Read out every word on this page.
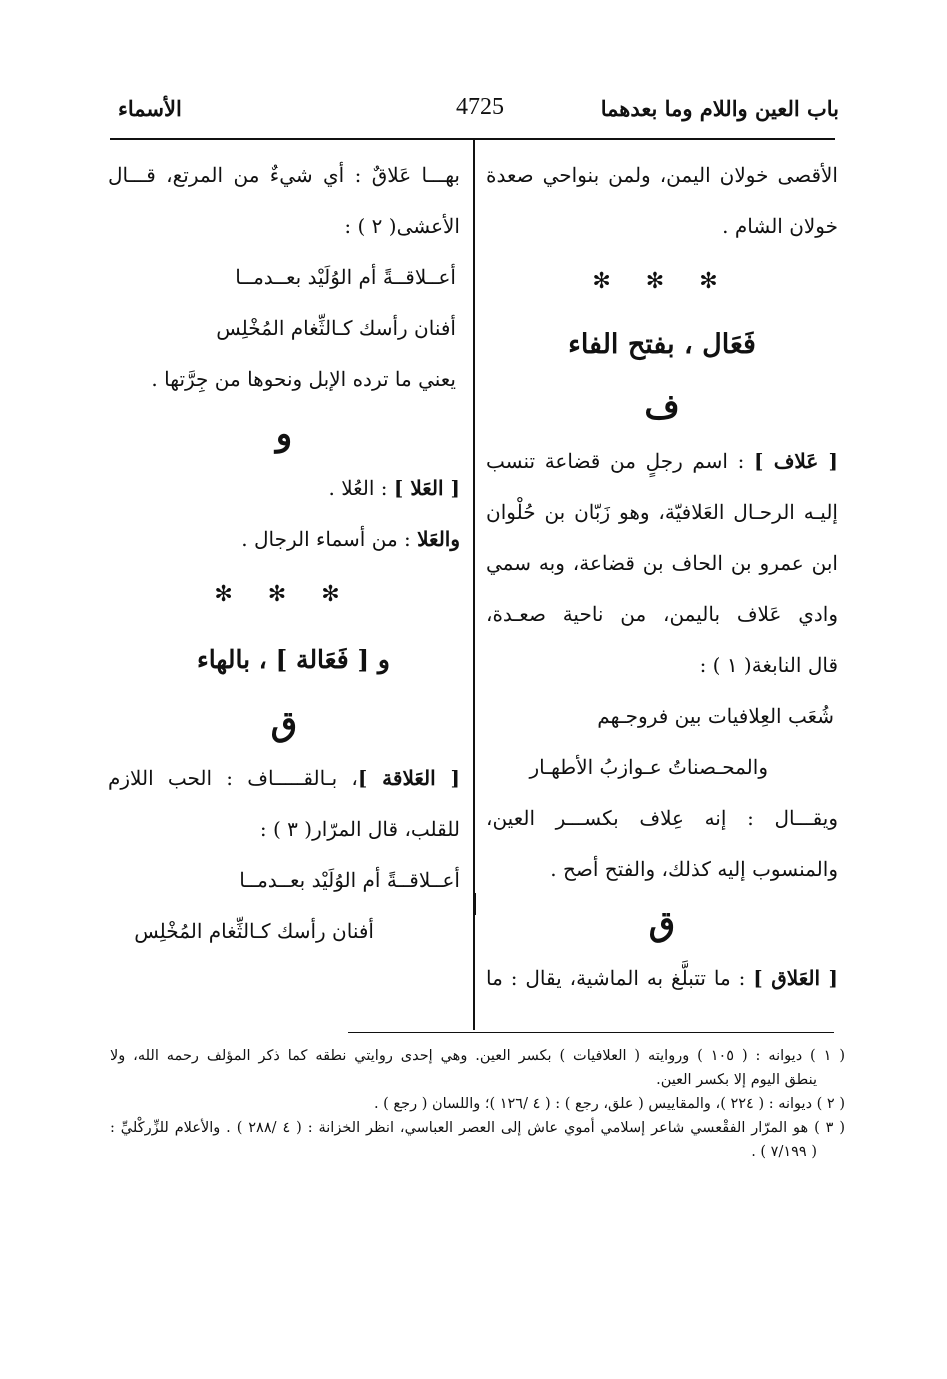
باب العين واللام وما بعدهما
4725
الأسماء
الأقصى خولان اليمن، ولمن بنواحي صعدة
خولان الشام .
✻ ✻ ✻
فَعَال ، بفتح الفاء
ف
[ عَلاف ] : اسم رجلٍ من قضاعة تنسب
إليـه الرحـال العَلافيّة، وهو زَبّان بن حُلْوان
ابن عمرو بن الحاف بن قضاعة، وبه سمي
وادي عَلاف باليمن، من ناحية صعـدة،
قال النابغة( ١ ) :
شُعَب العِلافيات بين فروجـهم
والمحـصناتُ عـوازبُ الأطهـار
ويقـــال : إنه عِلاف بكســـر العين،
والمنسوب إليه كذلك، والفتح أصح .
ق
[ العَلاق ] : ما تتبلَّغ به الماشية، يقال : ما
بهـــا عَلاقٌ : أي شيءٌ من المرتع، قـــال
الأعشى( ٢ ) :
أعــلاقــةً أم الوُلَيْد بعــدمــا
أفنان رأسك كـالثِّغام المُخْلِس
يعني ما ترده الإبل ونحوها من جِرَّتها .
و
[ العَلا ] : العُلا .
والعَلا : من أسماء الرجال .
✻ ✻ ✻
و [ فَعَالة ] ، بالهاء
ق
[ العَلاقة ]، بـالقـــــاف : الحب اللازم
للقلب، قال المرّار( ٣ ) :
أعــلاقــةً أم الوُلَيْد بعــدمــا
أفنان رأسك كـالثِّغام المُخْلِس
( ١ ) ديوانه : ( ١٠٥ ) وروايته ( العلافيات ) بكسر العين. وهي إحدى روايتي نطقه كما ذكر المؤلف رحمه الله، ولا
ينطق اليوم إلا بكسر العين.
( ٢ ) ديوانه : ( ٢٢٤ )، والمقاييس ( علق، رجع ) : ( ٤ /١٢٦ )؛ واللسان ( رجع ) .
( ٣ ) هو المرّار الفقْعسي شاعر إسلامي أموي عاش إلى العصر العباسي، انظر الخزانة : ( ٤ /٢٨٨ ) . والأعلام للزِّركْليِّ :
( ٧/١٩٩ ) .
